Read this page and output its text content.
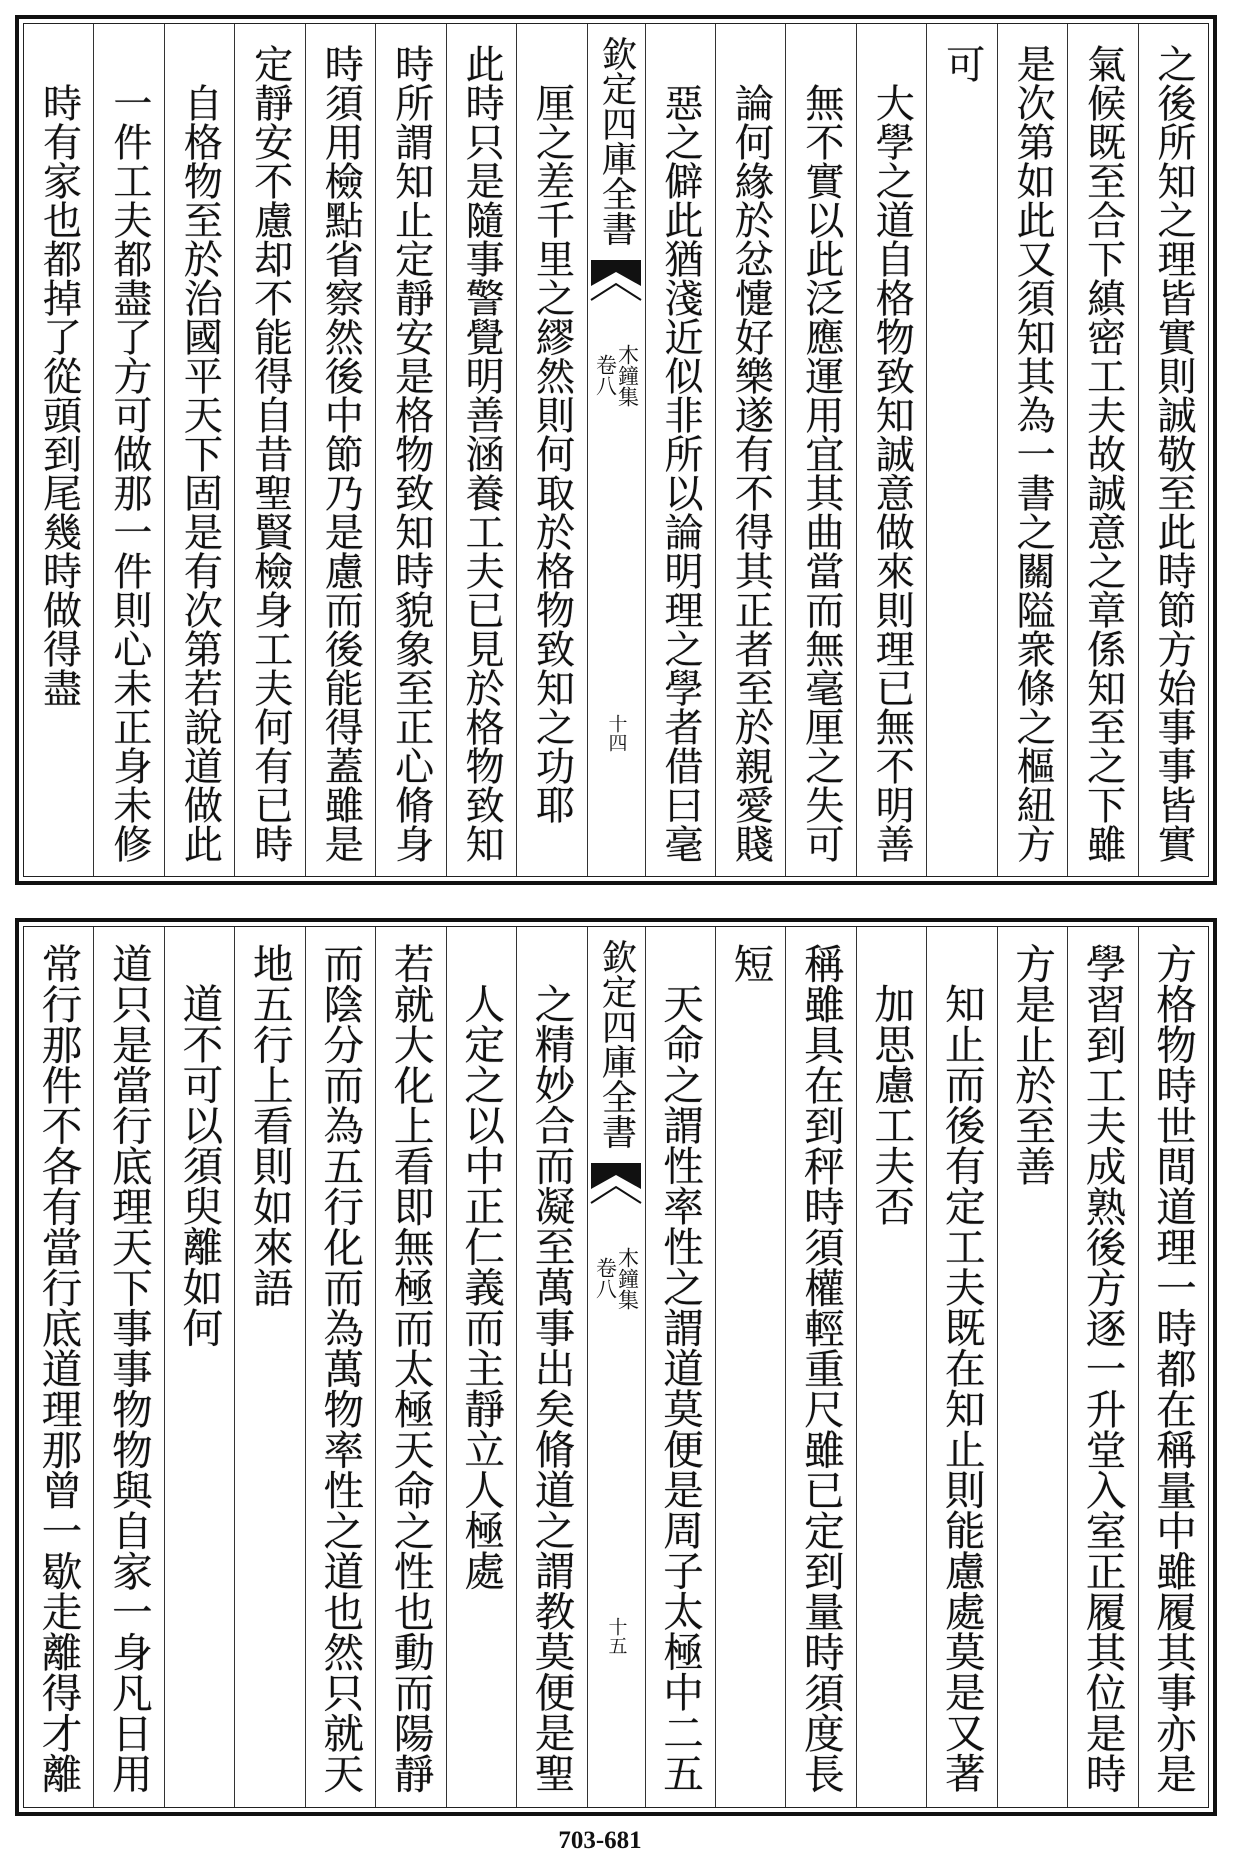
之後所知之理皆實則誠敬至此時節方始事事皆實
氣候既至合下縝密工夫故誠意之章係知至之下雖
是次第如此又須知其為一書之關隘衆條之樞紐方
可
大學之道自格物致知誠意做來則理已無不明善
無不實以此泛應運用宜其曲當而無毫厘之失可
論何緣於忿懥好樂遂有不得其正者至於親愛賤
惡之僻此猶淺近似非所以論明理之學者借曰毫
欽定四庫全書
木鐘集
卷八
十四
厘之差千里之繆然則何取於格物致知之功耶
此時只是隨事警覺明善涵養工夫已見於格物致知
時所謂知止定靜安是格物致知時貌象至正心脩身
時須用檢點省察然後中節乃是慮而後能得蓋雖是
定靜安不慮却不能得自昔聖賢檢身工夫何有已時
自格物至於治國平天下固是有次第若說道做此
一件工夫都盡了方可做那一件則心未正身未修
時有家也都掉了從頭到尾幾時做得盡
方格物時世間道理一時都在稱量中雖履其事亦是
學習到工夫成熟後方逐一升堂入室正履其位是時
方是止於至善
知止而後有定工夫既在知止則能慮處莫是又著
加思慮工夫否
稱雖具在到秤時須權輕重尺雖已定到量時須度長
短
天命之謂性率性之謂道莫便是周子太極中二五
欽定四庫全書
木鐘集
卷八
十五
之精妙合而凝至萬事出矣脩道之謂教莫便是聖
人定之以中正仁義而主靜立人極處
若就大化上看即無極而太極天命之性也動而陽靜
而陰分而為五行化而為萬物率性之道也然只就天
地五行上看則如來語
道不可以須臾離如何
道只是當行底理天下事事物物與自家一身凡日用
常行那件不各有當行底道理那曾一歇走離得才離
703-681
